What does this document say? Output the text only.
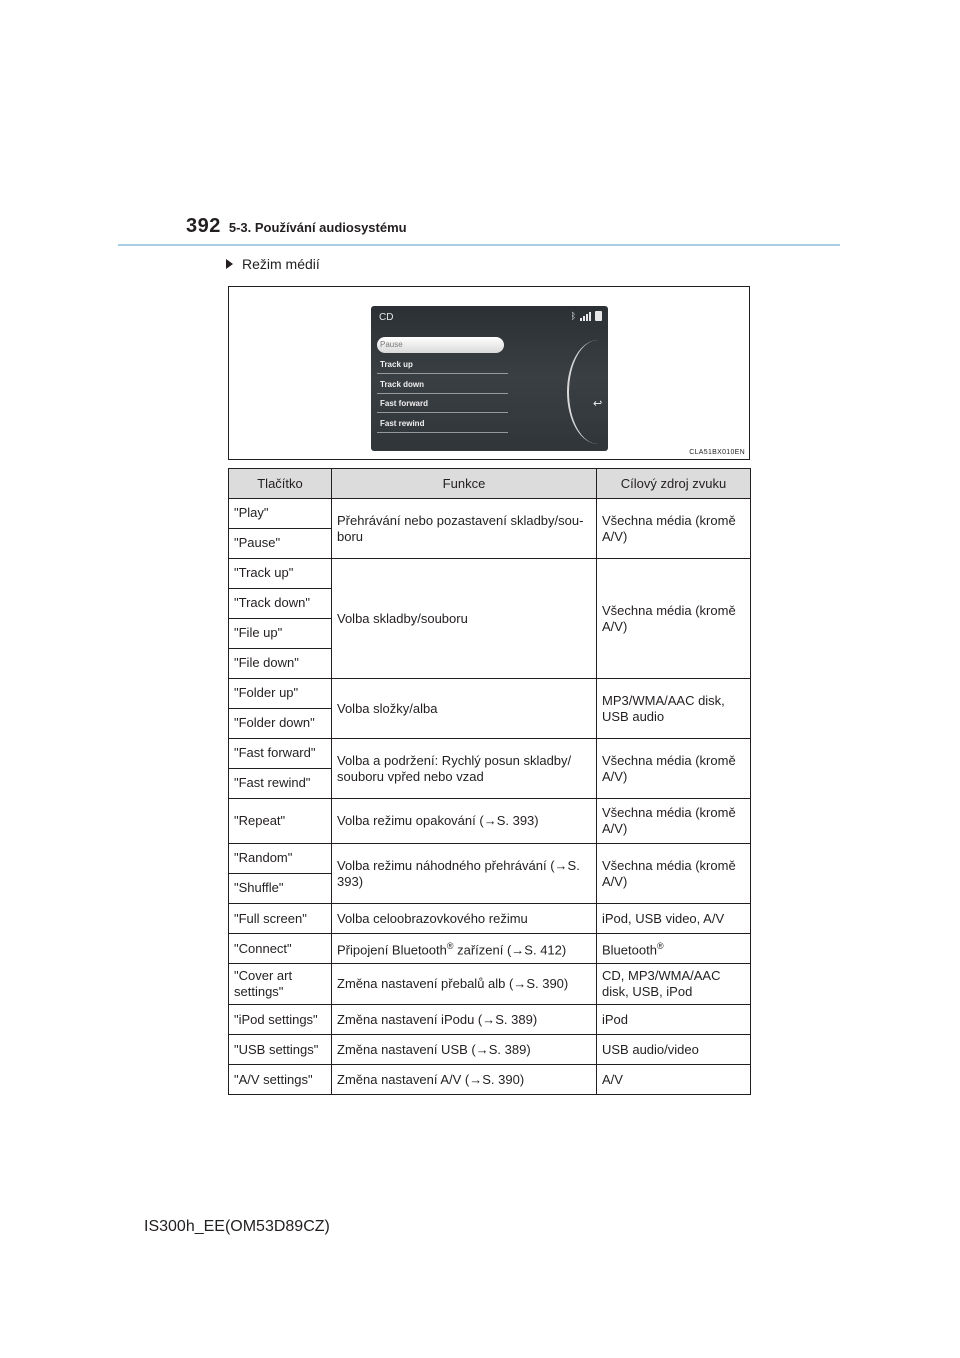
392 5-3. Používání audiosystému
Režim médií
CD	ᛒ
Pause
Track up
Track down
Fast forward
Fast rewind
↩
CLA51BX010EN
Tlačítko	Funkce	Cílový zdroj zvuku
"Play"	Přehrávání nebo pozastavení skladby/sou-boru	Všechna média (kromě A/V)
"Pause"		
"Track up"	Volba skladby/souboru	Všechna média (kromě A/V)
"Track down"		
"File up"		
"File down"		
"Folder up"	Volba složky/alba	MP3/WMA/AAC disk, USB audio
"Folder down"		
"Fast forward"	Volba a podržení: Rychlý posun skladby/ souboru vpřed nebo vzad	Všechna média (kromě A/V)
"Fast rewind"		
"Repeat"	Volba režimu opakování (→S. 393)	Všechna média (kromě A/V)
"Random"	Volba režimu náhodného přehrávání (→S. 393)	Všechna média (kromě A/V)
"Shuffle"		
"Full screen"	Volba celoobrazovkového režimu	iPod, USB video, A/V
"Connect"	Připojení Bluetooth® zařízení (→S. 412)	Bluetooth®
"Cover art settings"	Změna nastavení přebalů alb (→S. 390)	CD, MP3/WMA/AAC disk, USB, iPod
"iPod settings"	Změna nastavení iPodu (→S. 389)	iPod
"USB settings"	Změna nastavení USB (→S. 389)	USB audio/video
"A/V settings"	Změna nastavení A/V (→S. 390)	A/V
IS300h_EE(OM53D89CZ)
